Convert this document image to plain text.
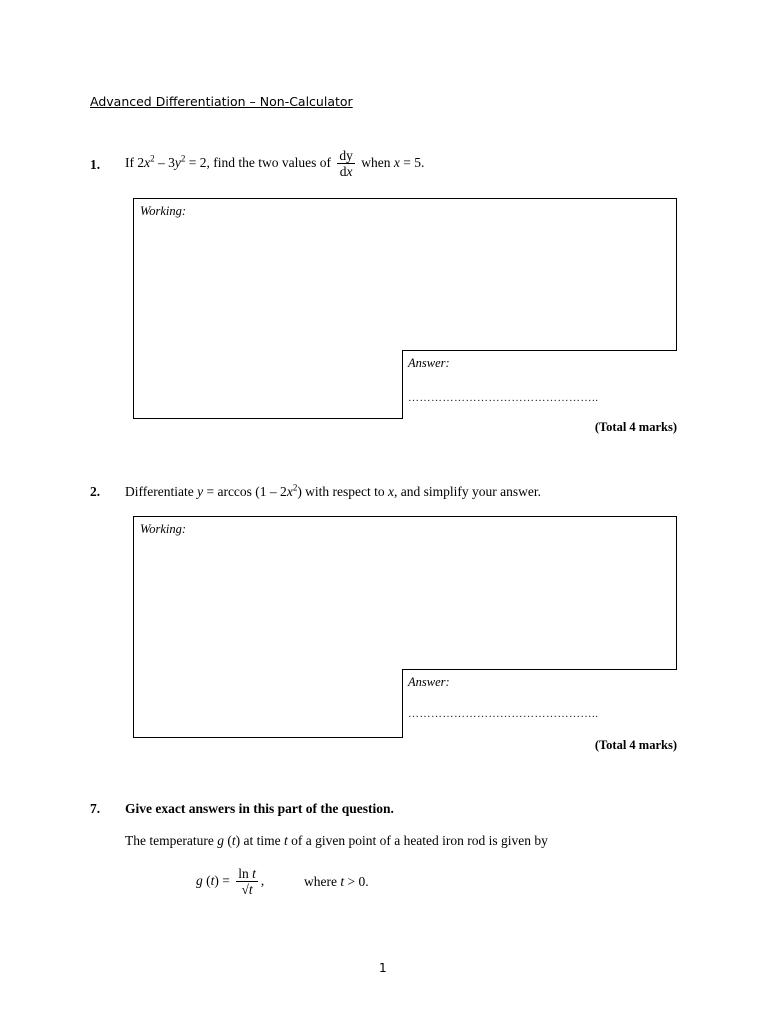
Advanced Differentiation – Non-Calculator
1. If $2x^2 - 3y^2 = 2$, find the two values of $\frac{dy}{dx}$ when x = 5.
Working:
Answer:
…………………………………………..
(Total 4 marks)
2. Differentiate $y = \arccos (1 - 2x^2)$ with respect to x, and simplify your answer.
Working:
Answer:
…………………………………………..
(Total 4 marks)
7. Give exact answers in this part of the question.
The temperature g (t) at time t of a given point of a heated iron rod is given by
g $(t) = \frac{\text{ln t}}{√t}$ ,	where t > 0.
1
